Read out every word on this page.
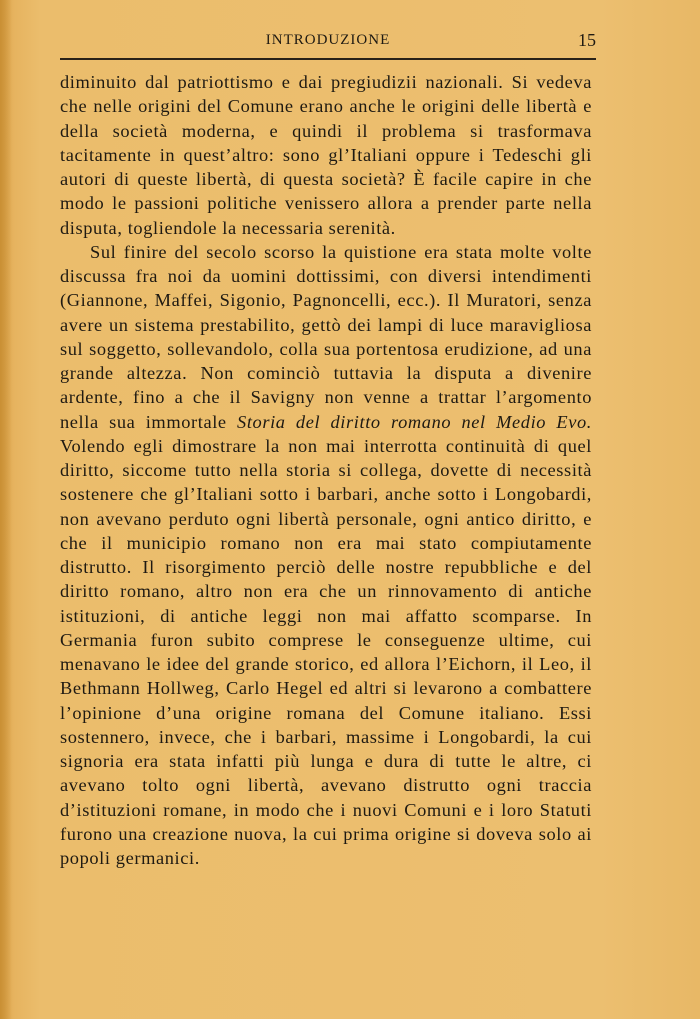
INTRODUZIONE	15

diminuito dal patriottismo e dai pregiudizii nazionali. Si vedeva che nelle origini del Comune erano anche le origini delle libertà e della società moderna, e quindi il problema si trasformava tacitamente in quest’altro: sono gl’Italiani oppure i Tedeschi gli autori di queste libertà, di questa società? È facile capire in che modo le passioni politiche venissero allora a prender parte nella disputa, togliendole la necessaria serenità.

Sul finire del secolo scorso la quistione era stata molte volte discussa fra noi da uomini dottissimi, con diversi intendimenti (Giannone, Maffei, Sigonio, Pagnoncelli, ecc.). Il Muratori, senza avere un sistema prestabilito, gettò dei lampi di luce maravigliosa sul soggetto, sollevandolo, colla sua portentosa erudizione, ad una grande altezza. Non cominciò tuttavia la disputa a divenire ardente, fino a che il Savigny non venne a trattar l’argomento nella sua immortale Storia del diritto romano nel Medio Evo. Volendo egli dimostrare la non mai interrotta continuità di quel diritto, siccome tutto nella storia si collega, dovette di necessità sostenere che gl’Italiani sotto i barbari, anche sotto i Longobardi, non avevano perduto ogni libertà personale, ogni antico diritto, e che il municipio romano non era mai stato compiutamente distrutto. Il risorgimento perciò delle nostre repubbliche e del diritto romano, altro non era che un rinnovamento di antiche istituzioni, di antiche leggi non mai affatto scomparse. In Germania furon subito comprese le conseguenze ultime, cui menavano le idee del grande storico, ed allora l’Eichorn, il Leo, il Bethmann Hollweg, Carlo Hegel ed altri si levarono a combattere l’opinione d’una origine romana del Comune italiano. Essi sostennero, invece, che i barbari, massime i Longobardi, la cui signoria era stata infatti più lunga e dura di tutte le altre, ci avevano tolto ogni libertà, avevano distrutto ogni traccia d’istituzioni romane, in modo che i nuovi Comuni e i loro Statuti furono una creazione nuova, la cui prima origine si doveva solo ai popoli germanici.
